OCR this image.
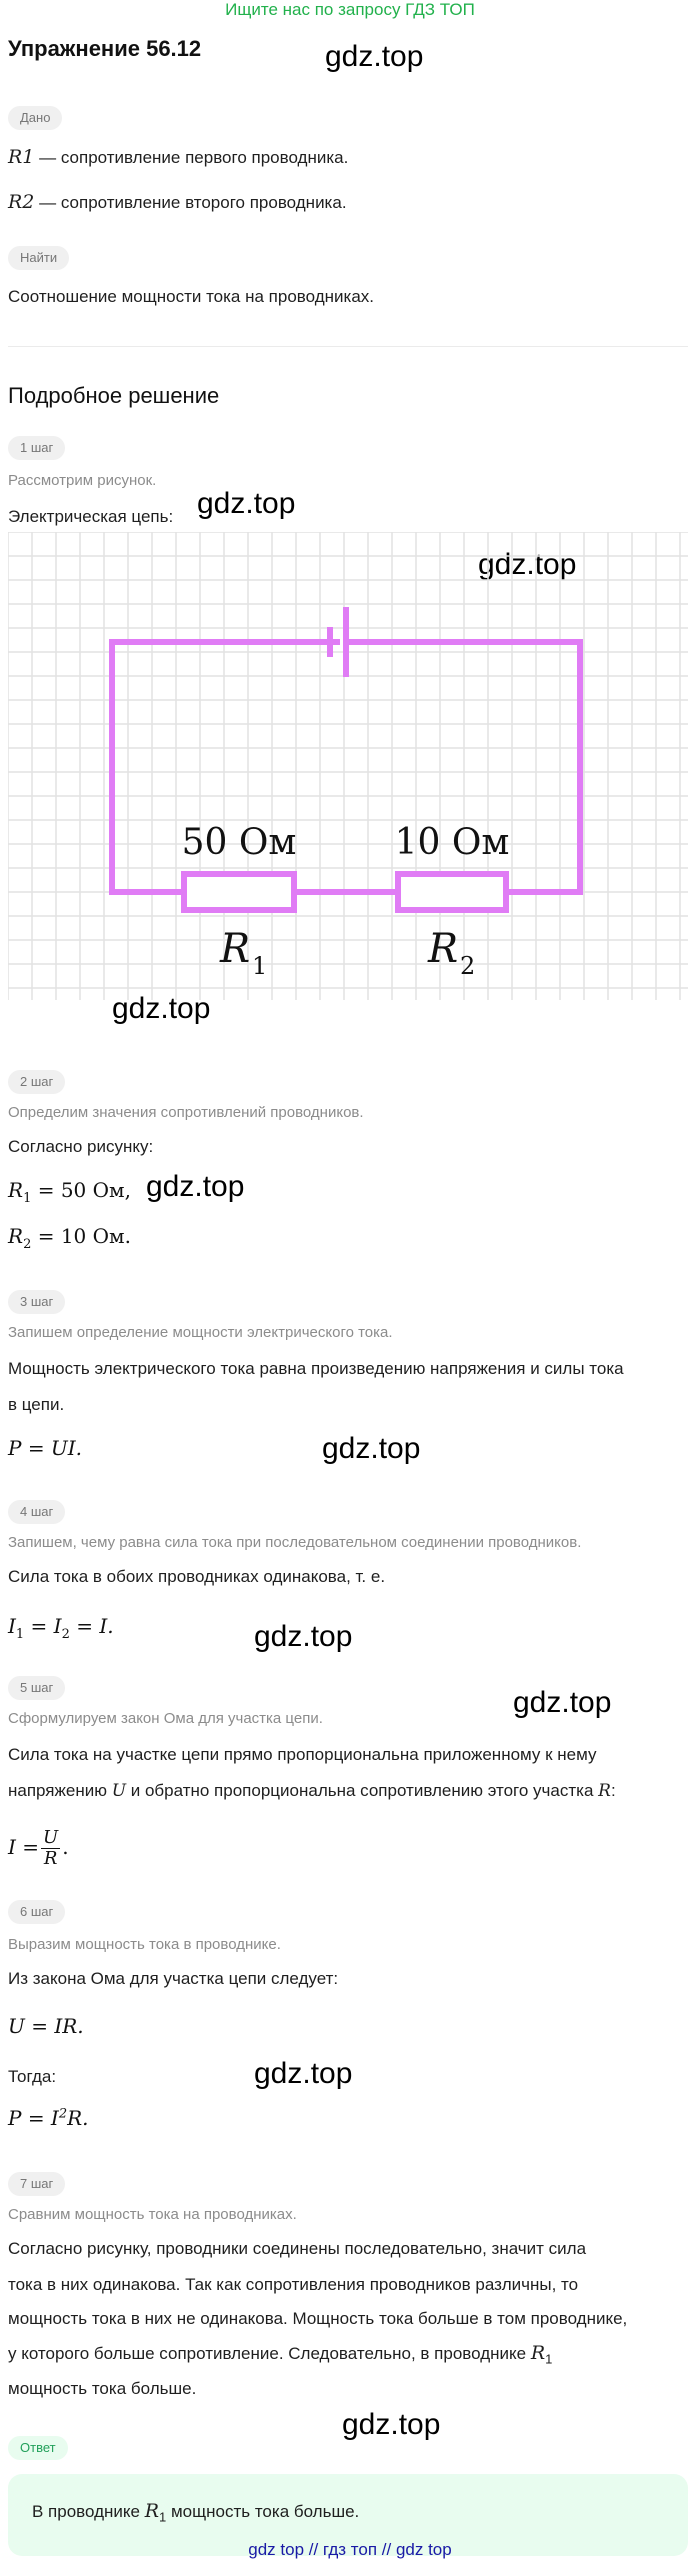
Ищите нас по запросу ГДЗ ТОП
Упражнение 56.12	gdz.top
gdz.top
gdz.top
gdz.top
gdz.top
gdz.top
gdz.top
gdz.top
gdz.top
gdz.top
Дано
R1 — сопротивление первого проводника.
R2 — сопротивление второго проводника.
Найти
Соотношение мощности тока на проводниках.
Подробное решение
1 шаг
Рассмотрим рисунок.
Электрическая цепь:
50 Ом	10 Ом
R 1	R 2
2 шаг
Определим значения сопротивлений проводников.
Согласно рисунку:
$R_1 = 50$ Ом,
$R_2 = 10$ Ом.
3 шаг
Запишем определение мощности электрического тока.
Мощность электрического тока равна произведению напряжения и силы тока
в цепи.
P = UI.
4 шаг
Запишем, чему равна сила тока при последовательном соединении проводников.
Сила тока в обоих проводниках одинакова, т. е.
$I_1 = I_2 = I$.
5 шаг
Сформулируем закон Ома для участка цепи.
Сила тока на участке цепи прямо пропорциональна приложенному к нему
напряжению U и обратно пропорциональна сопротивлению этого участка R:
$I = \frac{U}{R}$ .
6 шаг
Выразим мощность тока в проводнике.
Из закона Ома для участка цепи следует:
U = IR.
Тогда:
$P = I^2R$.
7 шаг
Сравним мощность тока на проводниках.
Согласно рисунку, проводники соединены последовательно, значит сила
тока в них одинакова. Так как сопротивления проводников различны, то
мощность тока в них не одинакова. Мощность тока больше в том проводнике,
у которого больше сопротивление. Следовательно, в проводнике $R_1$
мощность тока больше.
Ответ
В проводнике $R_1$ мощность тока больше.
gdz top // гдз топ // gdz top
